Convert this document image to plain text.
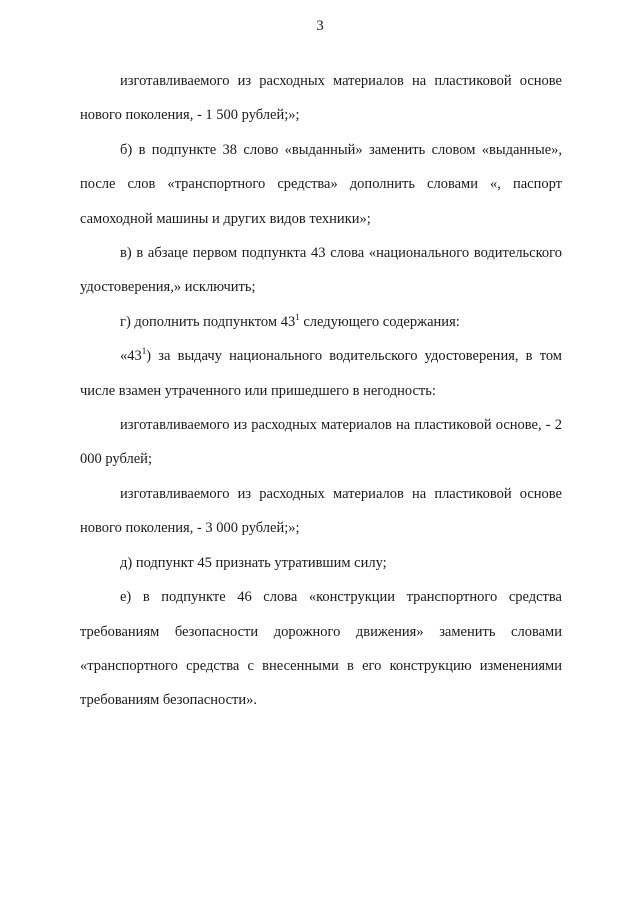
3

изготавливаемого из расходных материалов на пластиковой основе нового поколения, - 1 500 рублей;»;

б) в подпункте 38 слово «выданный» заменить словом «выданные», после слов «транспортного средства» дополнить словами «, паспорт самоходной машины и других видов техники»;

в) в абзаце первом подпункта 43 слова «национального водительского удостоверения,» исключить;

г) дополнить подпунктом $43^1$ следующего содержания:

«$43^1$) за выдачу национального водительского удостоверения, в том числе взамен утраченного или пришедшего в негодность:

изготавливаемого из расходных материалов на пластиковой основе, - 2 000 рублей;

изготавливаемого из расходных материалов на пластиковой основе нового поколения, - 3 000 рублей;»;

д) подпункт 45 признать утратившим силу;

е) в подпункте 46 слова «конструкции транспортного средства требованиям безопасности дорожного движения» заменить словами «транспортного средства с внесенными в его конструкцию изменениями требованиям безопасности».
